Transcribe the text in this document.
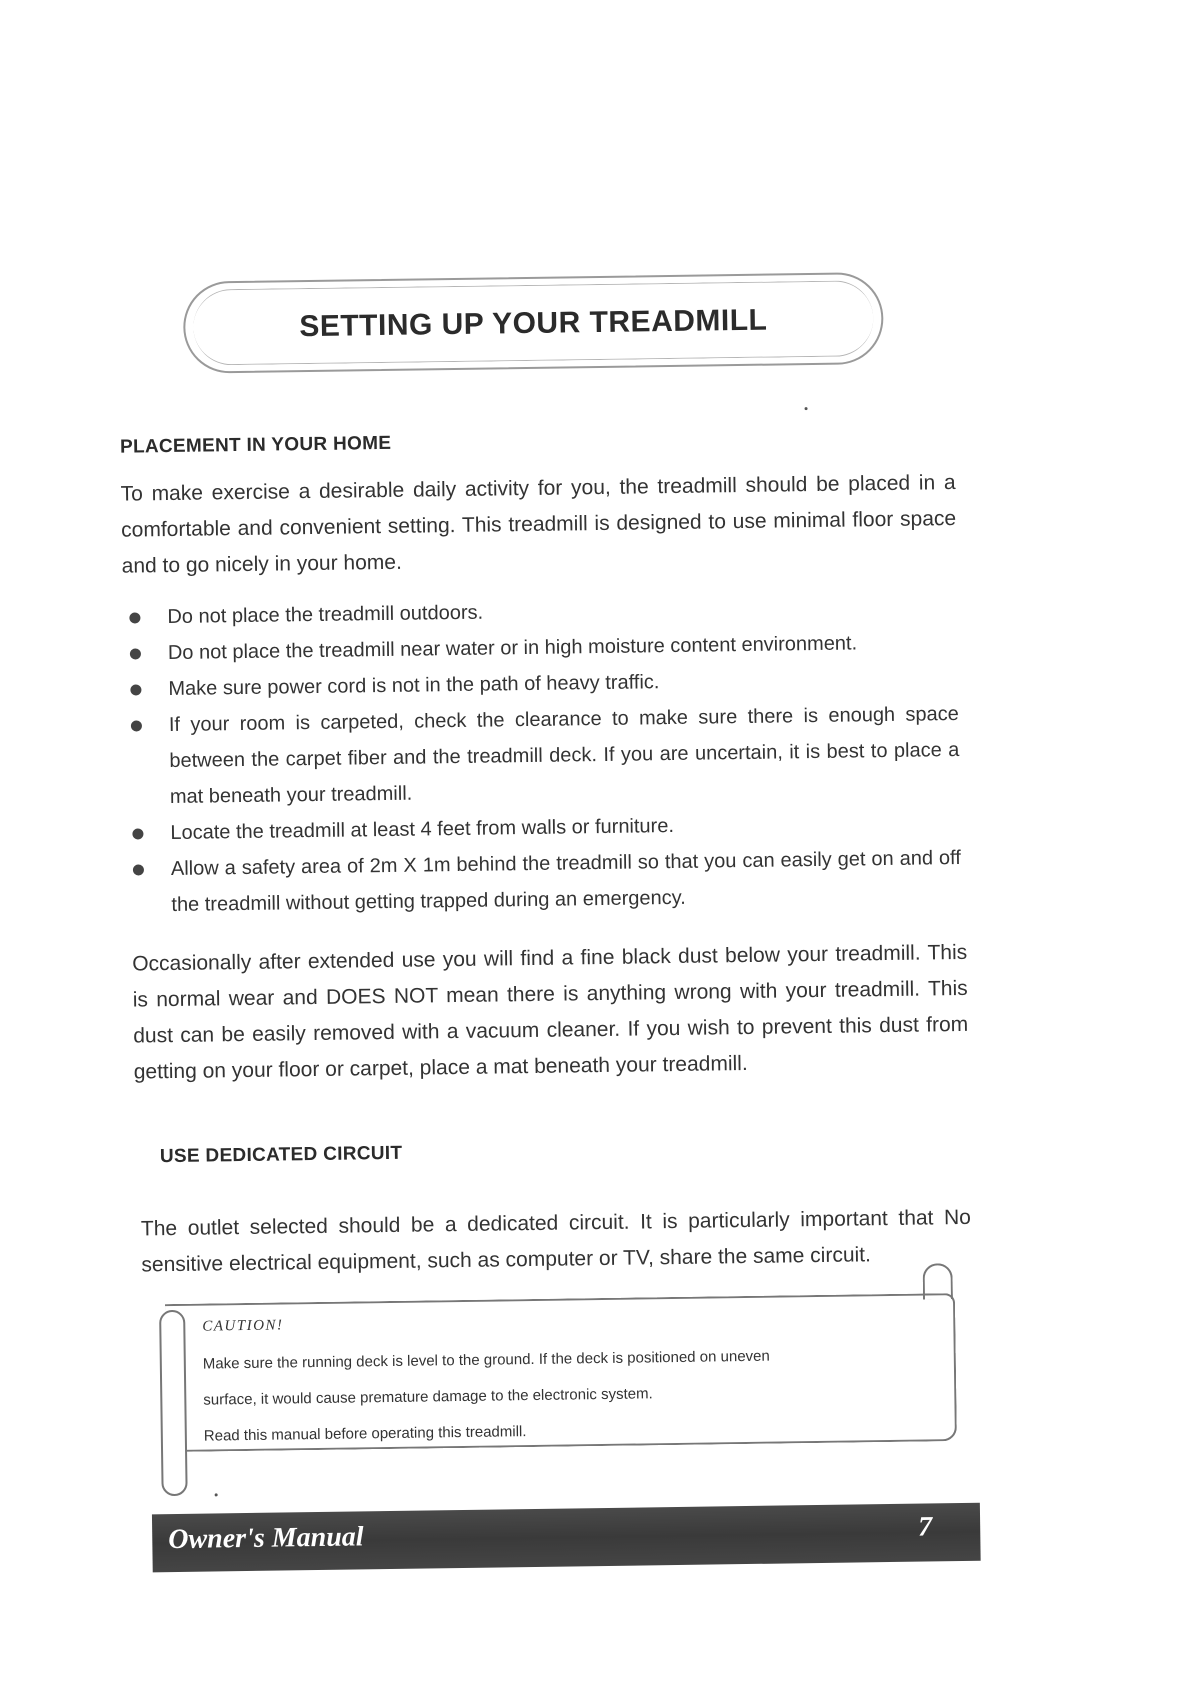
SETTING UP YOUR TREADMILL
PLACEMENT IN YOUR HOME
To make exercise a desirable daily activity for you, the treadmill should be placed in a comfortable and convenient setting. This treadmill is designed to use minimal floor space and to go nicely in your home.
Do not place the treadmill outdoors.
Do not place the treadmill near water or in high moisture content environment.
Make sure power cord is not in the path of heavy traffic.
If your room is carpeted, check the clearance to make sure there is enough space between the carpet fiber and the treadmill deck. If you are uncertain, it is best to place a mat beneath your treadmill.
Locate the treadmill at least 4 feet from walls or furniture.
Allow a safety area of 2m X 1m behind the treadmill so that you can easily get on and off the treadmill without getting trapped during an emergency.
Occasionally after extended use you will find a fine black dust below your treadmill. This is normal wear and DOES NOT mean there is anything wrong with your treadmill. This dust can be easily removed with a vacuum cleaner. If you wish to prevent this dust from getting on your floor or carpet, place a mat beneath your treadmill.
USE DEDICATED CIRCUIT
The outlet selected should be a dedicated circuit. It is particularly important that No sensitive electrical equipment, such as computer or TV, share the same circuit.
CAUTION!
Make sure the running deck is level to the ground. If the deck is positioned on uneven
surface, it would cause premature damage to the electronic system.
Read this manual before operating this treadmill.
Owner's Manual	7
